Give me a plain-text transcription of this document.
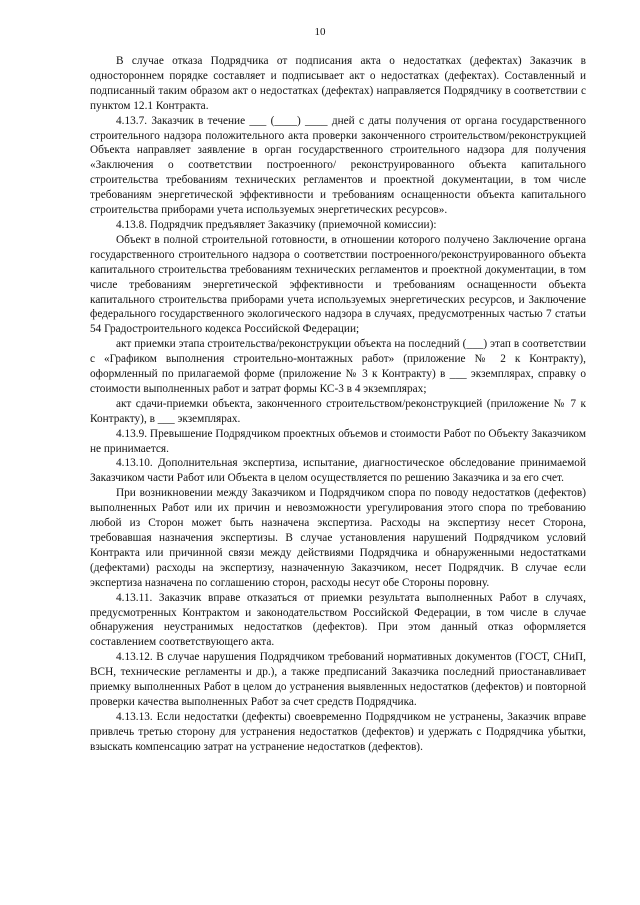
10

В случае отказа Подрядчика от подписания акта о недостатках (дефектах) Заказчик в одностороннем порядке составляет и подписывает акт о недостатках (дефектах). Составленный и подписанный таким образом акт о недостатках (дефектах) направляется Подрядчику в соответствии с пунктом 12.1 Контракта.

4.13.7. Заказчик в течение ___ (____) ____ дней с даты получения от органа государственного строительного надзора положительного акта проверки законченного строительством/реконструкцией Объекта направляет заявление в орган государственного строительного надзора для получения «Заключения о соответствии построенного/ реконструированного объекта капитального строительства требованиям технических регламентов и проектной документации, в том числе требованиям энергетической эффективности и требованиям оснащенности объекта капитального строительства приборами учета используемых энергетических ресурсов».

4.13.8. Подрядчик предъявляет Заказчику (приемочной комиссии):

Объект в полной строительной готовности, в отношении которого получено Заключение органа государственного строительного надзора о соответствии построенного/реконструированного объекта капитального строительства требованиям технических регламентов и проектной документации, в том числе требованиям энергетической эффективности и требованиям оснащенности объекта капитального строительства приборами учета используемых энергетических ресурсов, и Заключение федерального государственного экологического надзора в случаях, предусмотренных частью 7 статьи 54 Градостроительного кодекса Российской Федерации;

акт приемки этапа строительства/реконструкции объекта на последний (___) этап в соответствии с «Графиком выполнения строительно-монтажных работ» (приложение № 2 к Контракту), оформленный по прилагаемой форме (приложение № 3 к Контракту) в ___ экземплярах, справку о стоимости выполненных работ и затрат формы КС-3 в 4 экземплярах;

акт сдачи-приемки объекта, законченного строительством/реконструкцией (приложение № 7 к Контракту), в ___ экземплярах.

4.13.9. Превышение Подрядчиком проектных объемов и стоимости Работ по Объекту Заказчиком не принимается.

4.13.10. Дополнительная экспертиза, испытание, диагностическое обследование принимаемой Заказчиком части Работ или Объекта в целом осуществляется по решению Заказчика и за его счет.

При возникновении между Заказчиком и Подрядчиком спора по поводу недостатков (дефектов) выполненных Работ или их причин и невозможности урегулирования этого спора по требованию любой из Сторон может быть назначена экспертиза. Расходы на экспертизу несет Сторона, требовавшая назначения экспертизы. В случае установления нарушений Подрядчиком условий Контракта или причинной связи между действиями Подрядчика и обнаруженными недостатками (дефектами) расходы на экспертизу, назначенную Заказчиком, несет Подрядчик. В случае если экспертиза назначена по соглашению сторон, расходы несут обе Стороны поровну.

4.13.11. Заказчик вправе отказаться от приемки результата выполненных Работ в случаях, предусмотренных Контрактом и законодательством Российской Федерации, в том числе в случае обнаружения неустранимых недостатков (дефектов). При этом данный отказ оформляется составлением соответствующего акта.

4.13.12. В случае нарушения Подрядчиком требований нормативных документов (ГОСТ, СНиП, ВСН, технические регламенты и др.), а также предписаний Заказчика последний приостанавливает приемку выполненных Работ в целом до устранения выявленных недостатков (дефектов) и повторной проверки качества выполненных Работ за счет средств Подрядчика.

4.13.13. Если недостатки (дефекты) своевременно Подрядчиком не устранены, Заказчик вправе привлечь третью сторону для устранения недостатков (дефектов) и удержать с Подрядчика убытки, взыскать компенсацию затрат на устранение недостатков (дефектов).
